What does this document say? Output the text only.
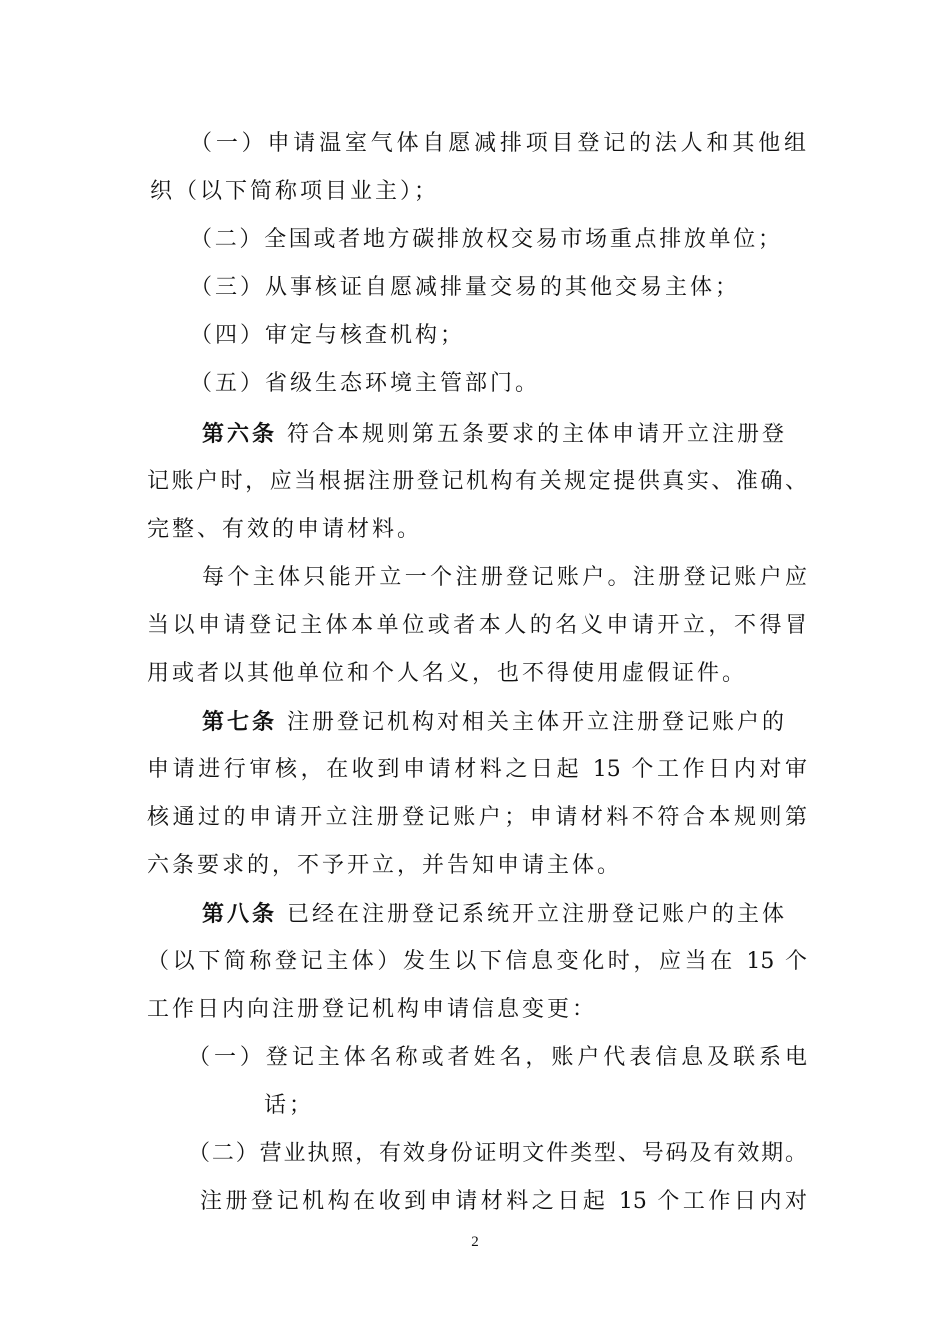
（一）申请温室气体自愿减排项目登记的法人和其他组
织（以下简称项目业主）；
（二）全国或者地方碳排放权交易市场重点排放单位；
（三）从事核证自愿减排量交易的其他交易主体；
（四）审定与核查机构；
（五）省级生态环境主管部门。
第六条 符合本规则第五条要求的主体申请开立注册登
记账户时，应当根据注册登记机构有关规定提供真实、准确、
完整、有效的申请材料。
每个主体只能开立一个注册登记账户。注册登记账户应
当以申请登记主体本单位或者本人的名义申请开立，不得冒
用或者以其他单位和个人名义，也不得使用虚假证件。
第七条 注册登记机构对相关主体开立注册登记账户的
申请进行审核，在收到申请材料之日起 15 个工作日内对审
核通过的申请开立注册登记账户；申请材料不符合本规则第
六条要求的，不予开立，并告知申请主体。
第八条 已经在注册登记系统开立注册登记账户的主体
（以下简称登记主体）发生以下信息变化时，应当在 15 个
工作日内向注册登记机构申请信息变更：
（一）登记主体名称或者姓名，账户代表信息及联系电
话；
（二）营业执照，有效身份证明文件类型、号码及有效期。
注册登记机构在收到申请材料之日起 15 个工作日内对
2
